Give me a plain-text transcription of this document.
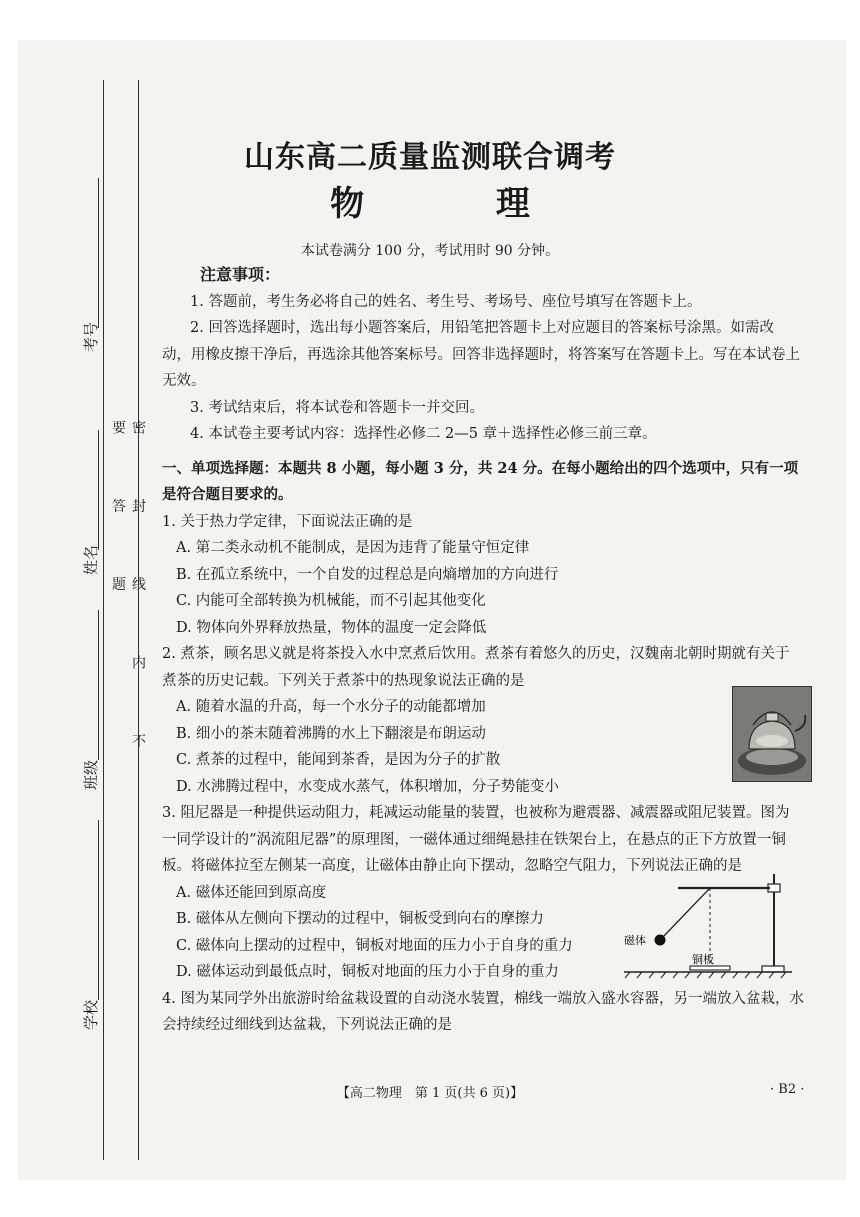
考号
姓名
班级
学校
密 封 线 内 不 要 答 题
山东高二质量监测联合调考
物 理
本试卷满分 100 分，考试用时 90 分钟。

注意事项：

1. 答题前，考生务必将自己的姓名、考生号、考场号、座位号填写在答题卡上。

2. 回答选择题时，选出每小题答案后，用铅笔把答题卡上对应题目的答案标号涂黑。如需改动，用橡皮擦干净后，再选涂其他答案标号。回答非选择题时，将答案写在答题卡上。写在本试卷上无效。

3. 考试结束后，将本试卷和答题卡一并交回。

4. 本试卷主要考试内容：选择性必修二 2—5 章＋选择性必修三前三章。

一、单项选择题：本题共 8 小题，每小题 3 分，共 24 分。在每小题给出的四个选项中，只有一项是符合题目要求的。

1. 关于热力学定律，下面说法正确的是

A. 第二类永动机不能制成，是因为违背了能量守恒定律

B. 在孤立系统中，一个自发的过程总是向熵增加的方向进行

C. 内能可全部转换为机械能，而不引起其他变化

D. 物体向外界释放热量，物体的温度一定会降低

2. 煮茶，顾名思义就是将茶投入水中烹煮后饮用。煮茶有着悠久的历史，汉魏南北朝时期就有关于煮茶的历史记载。下列关于煮茶中的热现象说法正确的是

A. 随着水温的升高，每一个水分子的动能都增加

B. 细小的茶末随着沸腾的水上下翻滚是布朗运动

C. 煮茶的过程中，能闻到茶香，是因为分子的扩散

D. 水沸腾过程中，水变成水蒸气，体积增加，分子势能变小

3. 阻尼器是一种提供运动阻力，耗减运动能量的装置，也被称为避震器、减震器或阻尼装置。图为一同学设计的“涡流阻尼器”的原理图，一磁体通过细绳悬挂在铁架台上，在悬点的正下方放置一铜板。将磁体拉至左侧某一高度，让磁体由静止向下摆动，忽略空气阻力，下列说法正确的是

A. 磁体还能回到原高度

B. 磁体从左侧向下摆动的过程中，铜板受到向右的摩擦力

C. 磁体向上摆动的过程中，铜板对地面的压力小于自身的重力

D. 磁体运动到最低点时，铜板对地面的压力小于自身的重力

4. 图为某同学外出旅游时给盆栽设置的自动浇水装置，棉线一端放入盛水容器，另一端放入盆栽，水会持续经过细线到达盆栽，下列说法正确的是

磁体
铜板
【高二物理　第 1 页(共 6 页)】	· B2 ·
